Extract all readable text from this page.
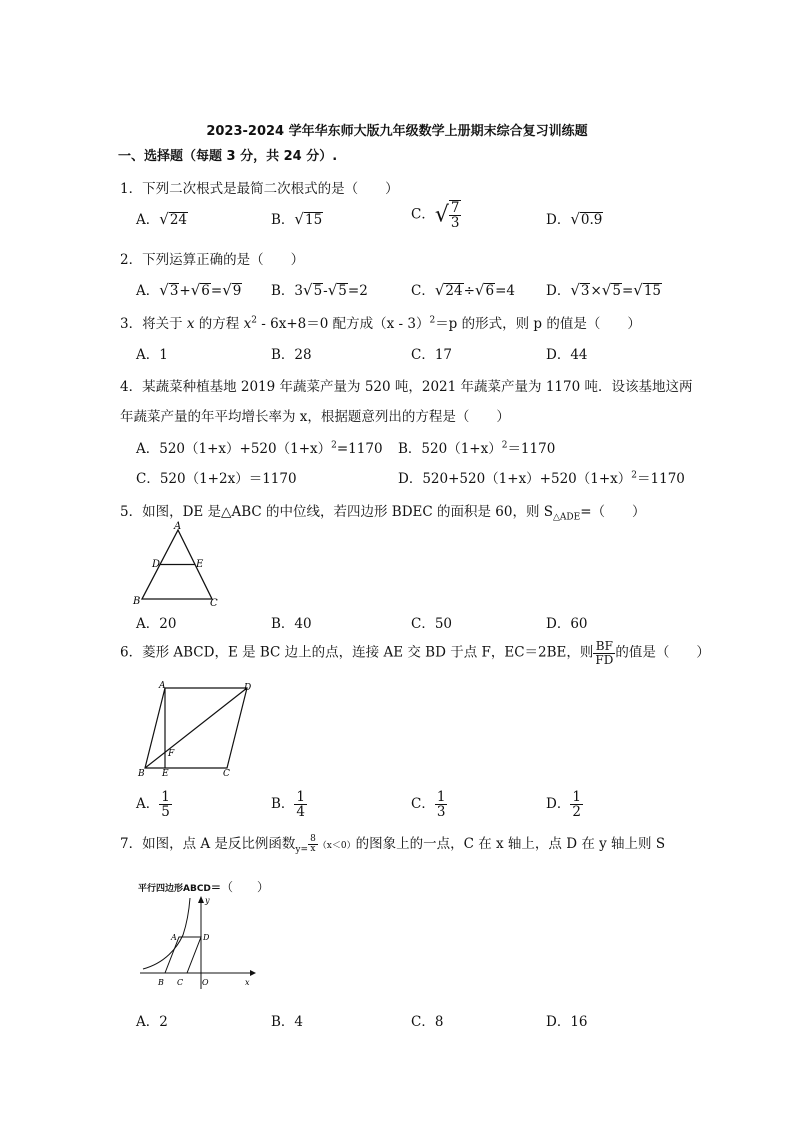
2023-2024 学年华东师大版九年级数学上册期末综合复习训练题
一、选择题（每题 3 分，共 24 分）.
1．下列二次根式是最简二次根式的是（　　）
A．√24	B．√15	C．√ $\frac{7}{3}$	D．√0.9
2．下列运算正确的是（　　）
A．√3+√6=√9 B．3√5-√5=2	C．√24÷√6=4 D．√3×√5=√15
3．将关于 x 的方程 $x^2 - 6x+8=0$ 配方成（x - 3）$^2$＝p 的形式，则 p 的值是（　　）
A．1	B．28	C．17	D．44
4．某蔬菜种植基地 2019 年蔬菜产量为 520 吨，2021 年蔬菜产量为 1170 吨．设该基地这两
年蔬菜产量的年平均增长率为 x，根据题意列出的方程是（　　）
A．$520(1+x)+520(1+x)^2=1170$ B．$520(1+x)^2=1170$
C．520（1+2x）＝1170	D．$520+520(1+x)+520(1+x)^2=1170$
5．如图，DE 是△ABC 的中位线，若四边形 BDEC 的面积是 60，则 $S_{\triangle ADE}=$（　　）
A
D	E
B	C
A．20	B．40	C．50	D．60
6．菱形 ABCD，E 是 BC 边上的点，连接 AE 交 BD 于点 F，EC＝2BE，则 $\frac{BF}{FD}$ 的值是（　　）
A	D
F
B E	C
A． $\frac{1}{5}$	B． $\frac{1}{4}$	C． $\frac{1}{3}$	D． $\frac{1}{2}$
7．如图，点 A 是反比例函数$_{y=} \frac{8}{x} (x<0)$的图象上的一点，C 在 x 轴上，点 D 在 y 轴上则 S
平行四边形ABCD=（　　）
A	D
B C O	x
y
A．2	B．4	C．8	D．16
